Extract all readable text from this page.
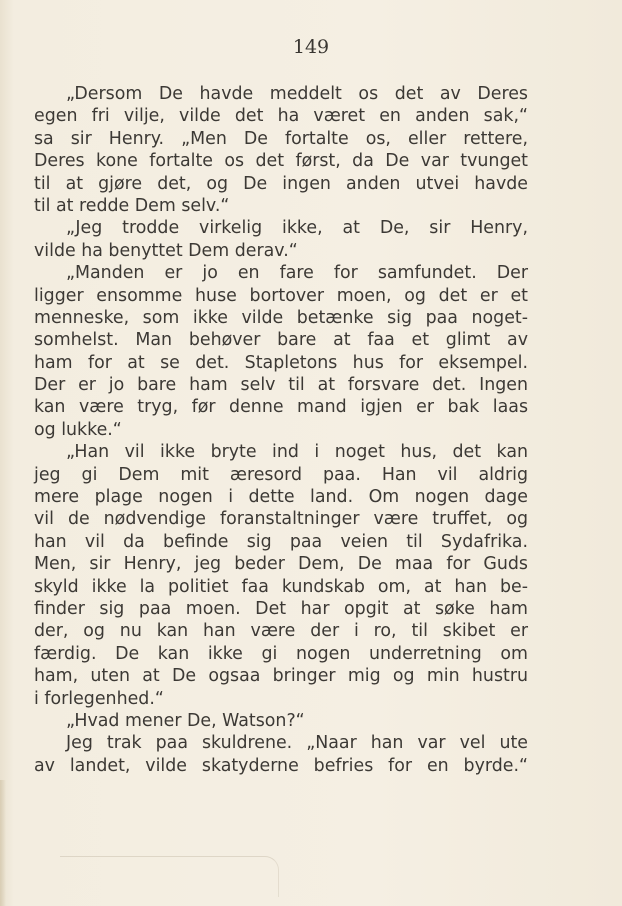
149
„Dersom De havde meddelt os det av Deres
egen fri vilje, vilde det ha været en anden sak,“
sa sir Henry. „Men De fortalte os, eller rettere,
Deres kone fortalte os det først, da De var tvunget
til at gjøre det, og De ingen anden utvei havde
til at redde Dem selv.“
„Jeg trodde virkelig ikke, at De, sir Henry,
vilde ha benyttet Dem derav.“
„Manden er jo en fare for samfundet. Der
ligger ensomme huse bortover moen, og det er et
menneske, som ikke vilde betænke sig paa noget-
somhelst. Man behøver bare at faa et glimt av
ham for at se det. Stapletons hus for eksempel.
Der er jo bare ham selv til at forsvare det. Ingen
kan være tryg, før denne mand igjen er bak laas
og lukke.“
„Han vil ikke bryte ind i noget hus, det kan
jeg gi Dem mit æresord paa. Han vil aldrig
mere plage nogen i dette land. Om nogen dage
vil de nødvendige foranstaltninger være truffet, og
han vil da befinde sig paa veien til Sydafrika.
Men, sir Henry, jeg beder Dem, De maa for Guds
skyld ikke la politiet faa kundskab om, at han be-
finder sig paa moen. Det har opgit at søke ham
der, og nu kan han være der i ro, til skibet er
færdig. De kan ikke gi nogen underretning om
ham, uten at De ogsaa bringer mig og min hustru
i forlegenhed.“
„Hvad mener De, Watson?“
Jeg trak paa skuldrene. „Naar han var vel ute
av landet, vilde skatyderne befries for en byrde.“
